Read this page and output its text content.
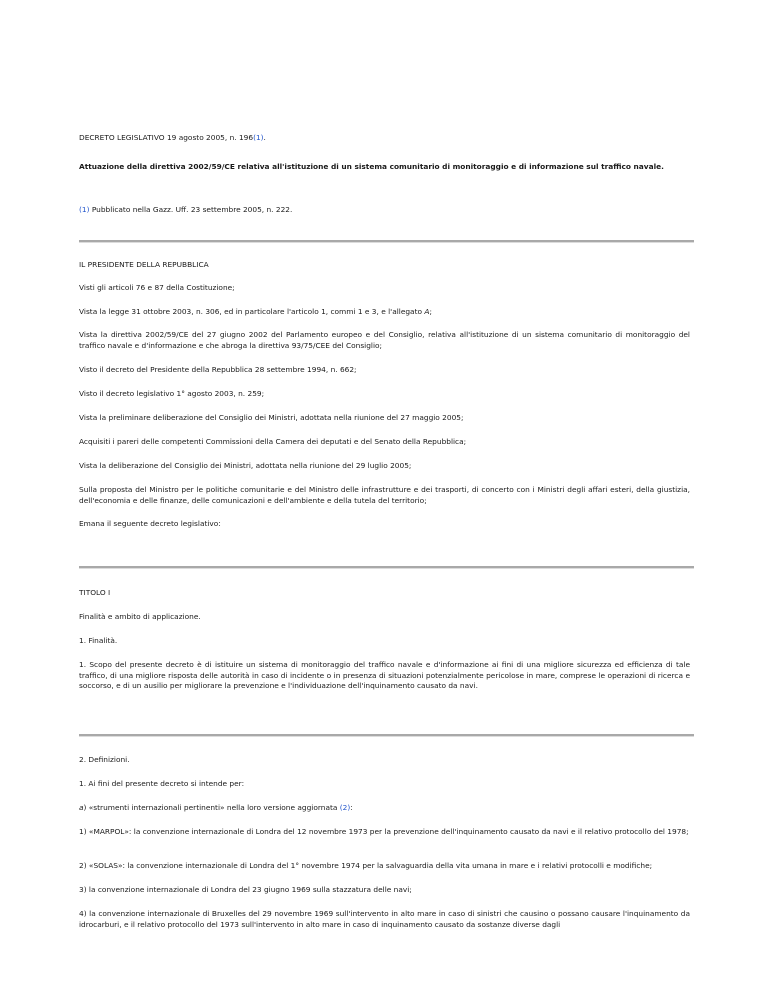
DECRETO LEGISLATIVO 19 agosto 2005, n. 196(1).

Attuazione della direttiva 2002/59/CE relativa all'istituzione di un sistema comunitario di monitoraggio e di informazione sul traffico navale.

(1) Pubblicato nella Gazz. Uff. 23 settembre 2005, n. 222.

IL PRESIDENTE DELLA REPUBBLICA

Visti gli articoli 76 e 87 della Costituzione;

Vista la legge 31 ottobre 2003, n. 306, ed in particolare l'articolo 1, commi 1 e 3, e l'allegato A;

Vista la direttiva 2002/59/CE del 27 giugno 2002 del Parlamento europeo e del Consiglio, relativa all'istituzione di un sistema comunitario di monitoraggio del traffico navale e d'informazione e che abroga la direttiva 93/75/CEE del Consiglio;

Visto il decreto del Presidente della Repubblica 28 settembre 1994, n. 662;

Visto il decreto legislativo 1° agosto 2003, n. 259;

Vista la preliminare deliberazione del Consiglio dei Ministri, adottata nella riunione del 27 maggio 2005;

Acquisiti i pareri delle competenti Commissioni della Camera dei deputati e del Senato della Repubblica;

Vista la deliberazione del Consiglio dei Ministri, adottata nella riunione del 29 luglio 2005;

Sulla proposta del Ministro per le politiche comunitarie e del Ministro delle infrastrutture e dei trasporti, di concerto con i Ministri degli affari esteri, della giustizia, dell'economia e delle finanze, delle comunicazioni e dell'ambiente e della tutela del territorio;

Emana il seguente decreto legislativo:

TITOLO I

Finalità e ambito di applicazione.

1. Finalità.

1. Scopo del presente decreto è di istituire un sistema di monitoraggio del traffico navale e d'informazione ai fini di una migliore sicurezza ed efficienza di tale traffico, di una migliore risposta delle autorità in caso di incidente o in presenza di situazioni potenzialmente pericolose in mare, comprese le operazioni di ricerca e soccorso, e di un ausilio per migliorare la prevenzione e l'individuazione dell'inquinamento causato da navi.

2. Definizioni.

1. Ai fini del presente decreto si intende per:

a) «strumenti internazionali pertinenti» nella loro versione aggiornata (2):

1) «MARPOL»: la convenzione internazionale di Londra del 12 novembre 1973 per la prevenzione dell'inquinamento causato da navi e il relativo protocollo del 1978;

2) «SOLAS»: la convenzione internazionale di Londra del 1° novembre 1974 per la salvaguardia della vita umana in mare e i relativi protocolli e modifiche;

3) la convenzione internazionale di Londra del 23 giugno 1969 sulla stazzatura delle navi;

4) la convenzione internazionale di Bruxelles del 29 novembre 1969 sull'intervento in alto mare in caso di sinistri che causino o possano causare l'inquinamento da idrocarburi, e il relativo protocollo del 1973 sull'intervento in alto mare in caso di inquinamento causato da sostanze diverse dagli
